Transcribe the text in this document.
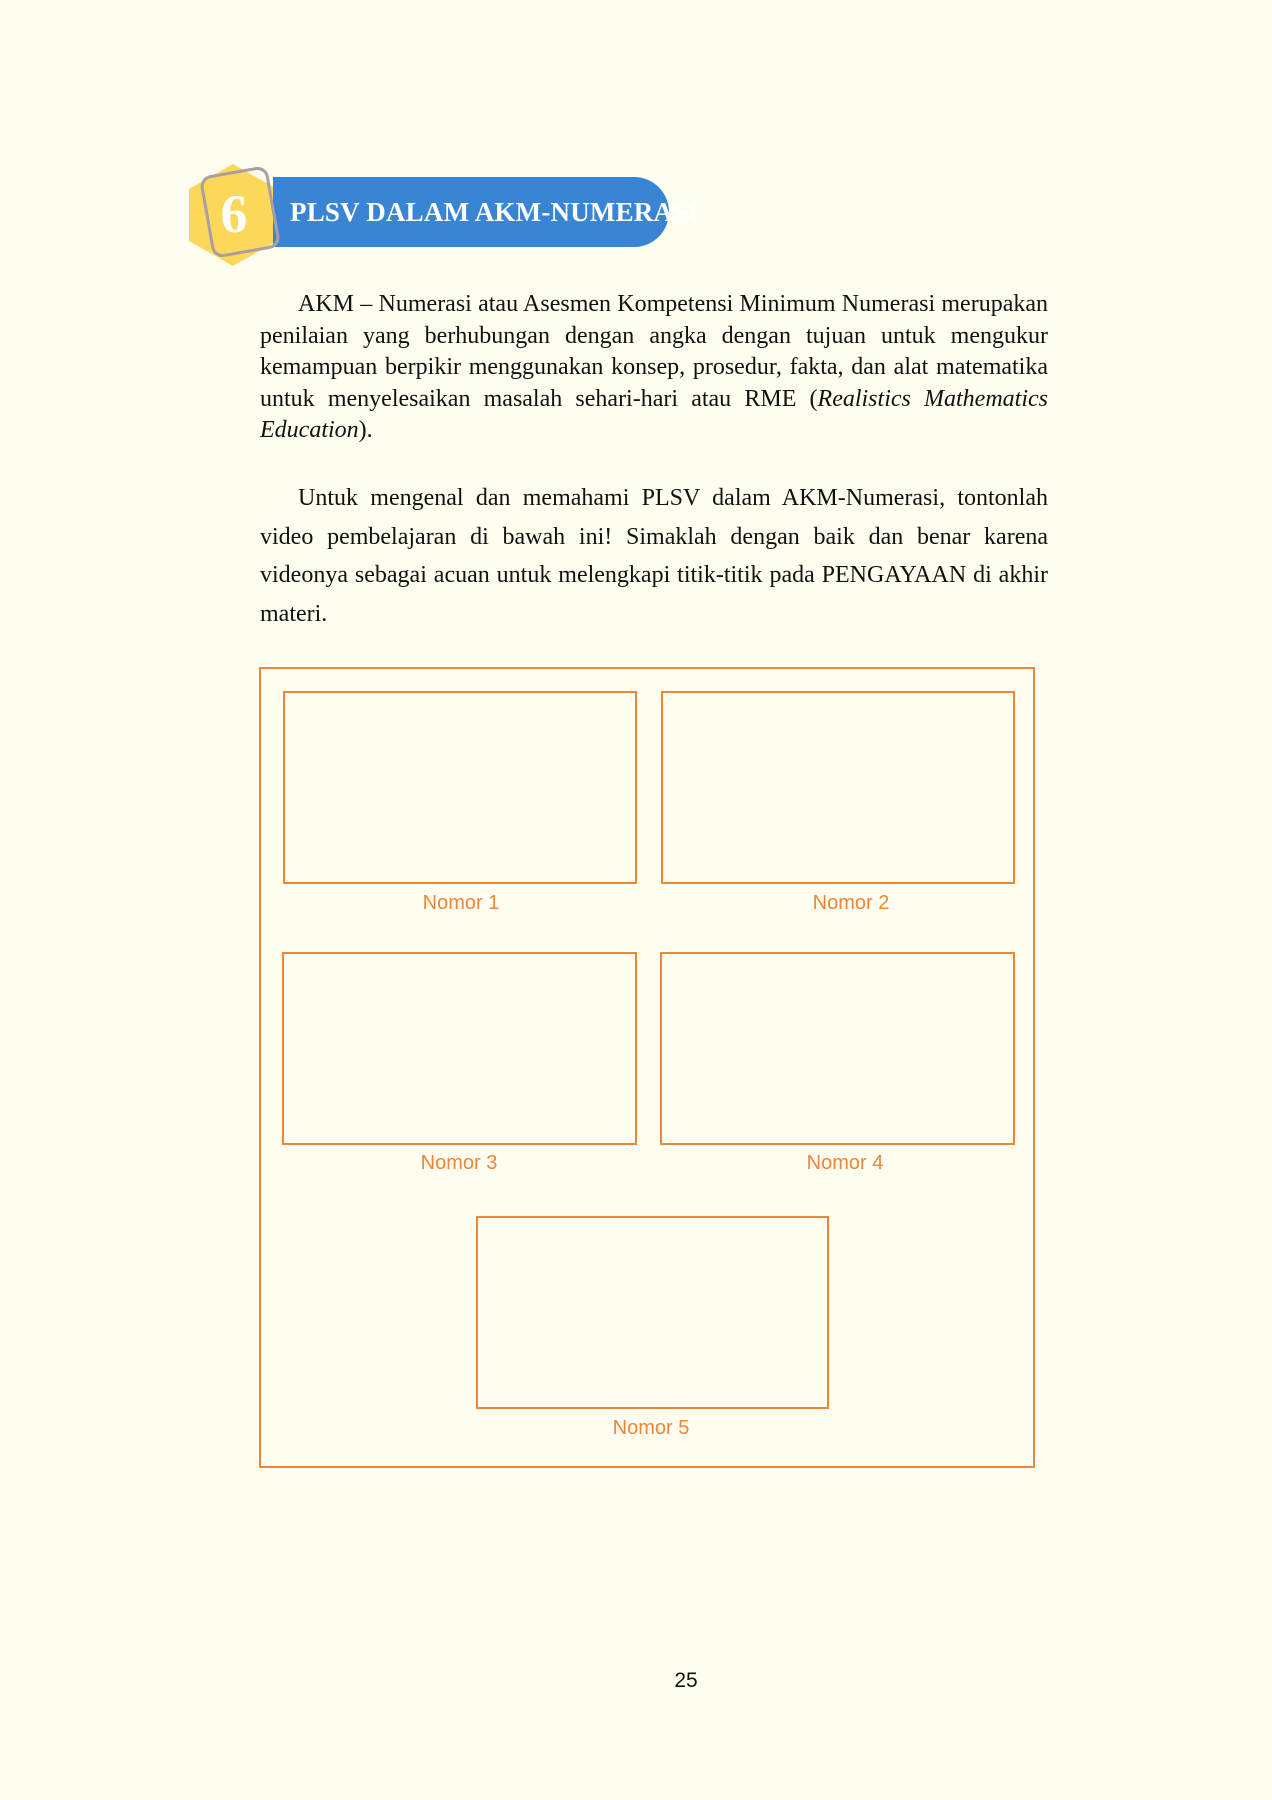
6	PLSV DALAM AKM-NUMERASI

AKM – Numerasi atau Asesmen Kompetensi Minimum Numerasi merupakan penilaian yang berhubungan dengan angka dengan tujuan untuk mengukur kemampuan berpikir menggunakan konsep, prosedur, fakta, dan alat matematika untuk menyelesaikan masalah sehari-hari atau RME (Realistics Mathematics Education).

Untuk mengenal dan memahami PLSV dalam AKM-Numerasi, tontonlah video pembelajaran di bawah ini! Simaklah dengan baik dan benar karena videonya sebagai acuan untuk melengkapi titik-titik pada PENGAYAAN di akhir materi.

Nomor 1	Nomor 2
Nomor 3	Nomor 4
Nomor 5
25
